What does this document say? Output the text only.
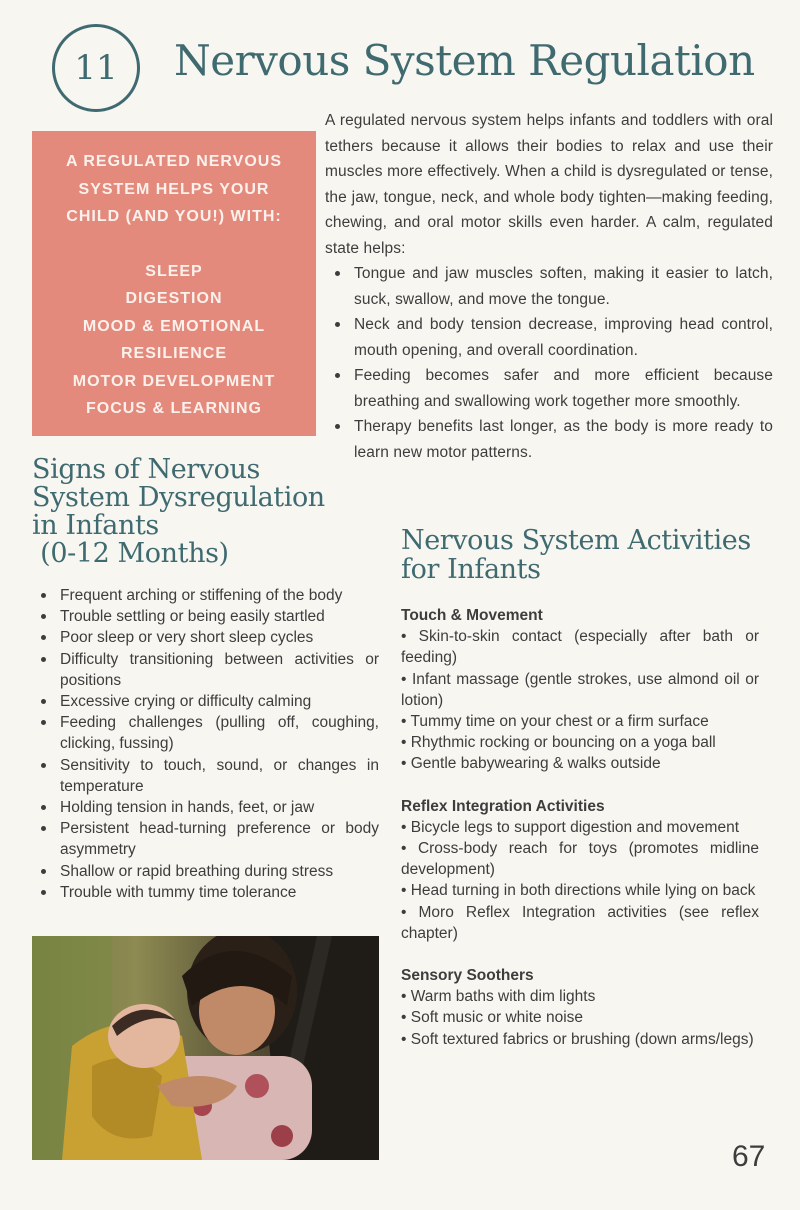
11 Nervous System Regulation
A REGULATED NERVOUS SYSTEM HELPS YOUR CHILD (AND YOU!) WITH:
SLEEP
DIGESTION
MOOD & EMOTIONAL RESILIENCE
MOTOR DEVELOPMENT
FOCUS & LEARNING
A regulated nervous system helps infants and toddlers with oral tethers because it allows their bodies to relax and use their muscles more effectively. When a child is dysregulated or tense, the jaw, tongue, neck, and whole body tighten—making feeding, chewing, and oral motor skills even harder. A calm, regulated state helps:
Tongue and jaw muscles soften, making it easier to latch, suck, swallow, and move the tongue.
Neck and body tension decrease, improving head control, mouth opening, and overall coordination.
Feeding becomes safer and more efficient because breathing and swallowing work together more smoothly.
Therapy benefits last longer, as the body is more ready to learn new motor patterns.
Signs of Nervous
System Dysregulation
in Infants
(0-12 Months)
Frequent arching or stiffening of the body
Trouble settling or being easily startled
Poor sleep or very short sleep cycles
Difficulty transitioning between activities or positions
Excessive crying or difficulty calming
Feeding challenges (pulling off, coughing, clicking, fussing)
Sensitivity to touch, sound, or changes in temperature
Holding tension in hands, feet, or jaw
Persistent head-turning preference or body asymmetry
Shallow or rapid breathing during stress
Trouble with tummy time tolerance
Nervous System Activities
for Infants
Touch & Movement
• Skin-to-skin contact (especially after bath or feeding)
• Infant massage (gentle strokes, use almond oil or lotion)
• Tummy time on your chest or a firm surface
• Rhythmic rocking or bouncing on a yoga ball
• Gentle babywearing & walks outside
Reflex Integration Activities
• Bicycle legs to support digestion and movement
• Cross-body reach for toys (promotes midline development)
• Head turning in both directions while lying on back
• Moro Reflex Integration activities (see reflex chapter)
Sensory Soothers
• Warm baths with dim lights
• Soft music or white noise
• Soft textured fabrics or brushing (down arms/legs)
67
